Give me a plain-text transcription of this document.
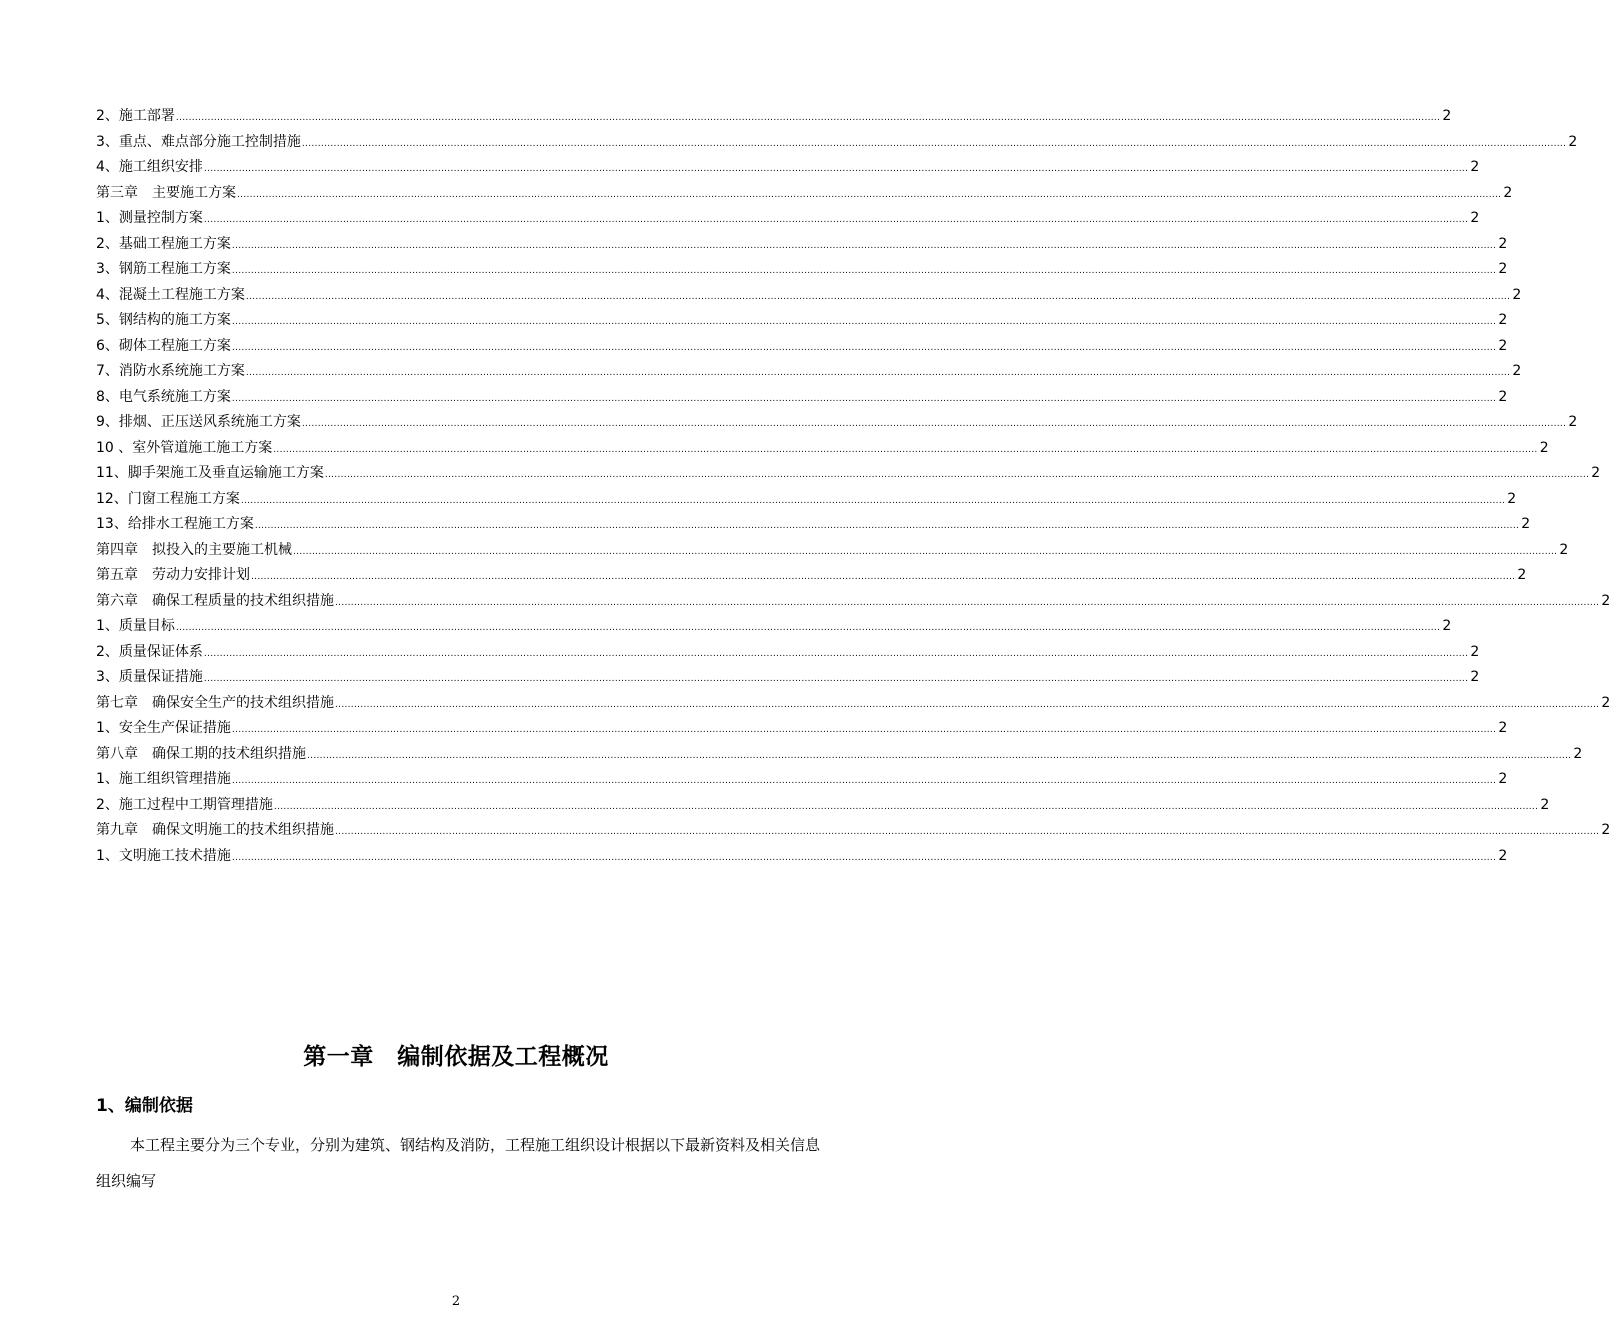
2、施工部署 ................................................................................................................................................................................................................................................................................................................................................................................................................ 2
3、重点、难点部分施工控制措施 ................................................................................................................................................................................................................................................................................................................................................................................................................ 2
4、施工组织安排 ................................................................................................................................................................................................................................................................................................................................................................................................................ 2
第三章　主要施工方案 ................................................................................................................................................................................................................................................................................................................................................................................................................ 2
1、测量控制方案 ................................................................................................................................................................................................................................................................................................................................................................................................................ 2
2、基础工程施工方案 ................................................................................................................................................................................................................................................................................................................................................................................................................ 2
3、钢筋工程施工方案 ................................................................................................................................................................................................................................................................................................................................................................................................................ 2
4、混凝土工程施工方案 ................................................................................................................................................................................................................................................................................................................................................................................................................ 2
5、钢结构的施工方案 ................................................................................................................................................................................................................................................................................................................................................................................................................ 2
6、砌体工程施工方案 ................................................................................................................................................................................................................................................................................................................................................................................................................ 2
7、消防水系统施工方案 ................................................................................................................................................................................................................................................................................................................................................................................................................ 2
8、电气系统施工方案 ................................................................................................................................................................................................................................................................................................................................................................................................................ 2
9、排烟、正压送风系统施工方案 ................................................................................................................................................................................................................................................................................................................................................................................................................ 2
10 、室外管道施工施工方案 ................................................................................................................................................................................................................................................................................................................................................................................................................ 2
11、脚手架施工及垂直运输施工方案 ................................................................................................................................................................................................................................................................................................................................................................................................................ 2
12、门窗工程施工方案 ................................................................................................................................................................................................................................................................................................................................................................................................................ 2
13、给排水工程施工方案 ................................................................................................................................................................................................................................................................................................................................................................................................................ 2
第四章　拟投入的主要施工机械 ................................................................................................................................................................................................................................................................................................................................................................................................................ 2
第五章　劳动力安排计划 ................................................................................................................................................................................................................................................................................................................................................................................................................ 2
第六章　确保工程质量的技术组织措施 ................................................................................................................................................................................................................................................................................................................................................................................................................ 2
1、质量目标 ................................................................................................................................................................................................................................................................................................................................................................................................................ 2
2、质量保证体系 ................................................................................................................................................................................................................................................................................................................................................................................................................ 2
3、质量保证措施 ................................................................................................................................................................................................................................................................................................................................................................................................................ 2
第七章　确保安全生产的技术组织措施 ................................................................................................................................................................................................................................................................................................................................................................................................................ 2
1、安全生产保证措施 ................................................................................................................................................................................................................................................................................................................................................................................................................ 2
第八章　确保工期的技术组织措施 ................................................................................................................................................................................................................................................................................................................................................................................................................ 2
1、施工组织管理措施 ................................................................................................................................................................................................................................................................................................................................................................................................................ 2
2、施工过程中工期管理措施 ................................................................................................................................................................................................................................................................................................................................................................................................................ 2
第九章　确保文明施工的技术组织措施 ................................................................................................................................................................................................................................................................................................................................................................................................................ 2
1、文明施工技术措施 ................................................................................................................................................................................................................................................................................................................................................................................................................ 2
第一章　编制依据及工程概况
1、编制依据
本工程主要分为三个专业，分别为建筑、钢结构及消防，工程施工组织设计根据以下最新资料及相关信息组织编写
2
